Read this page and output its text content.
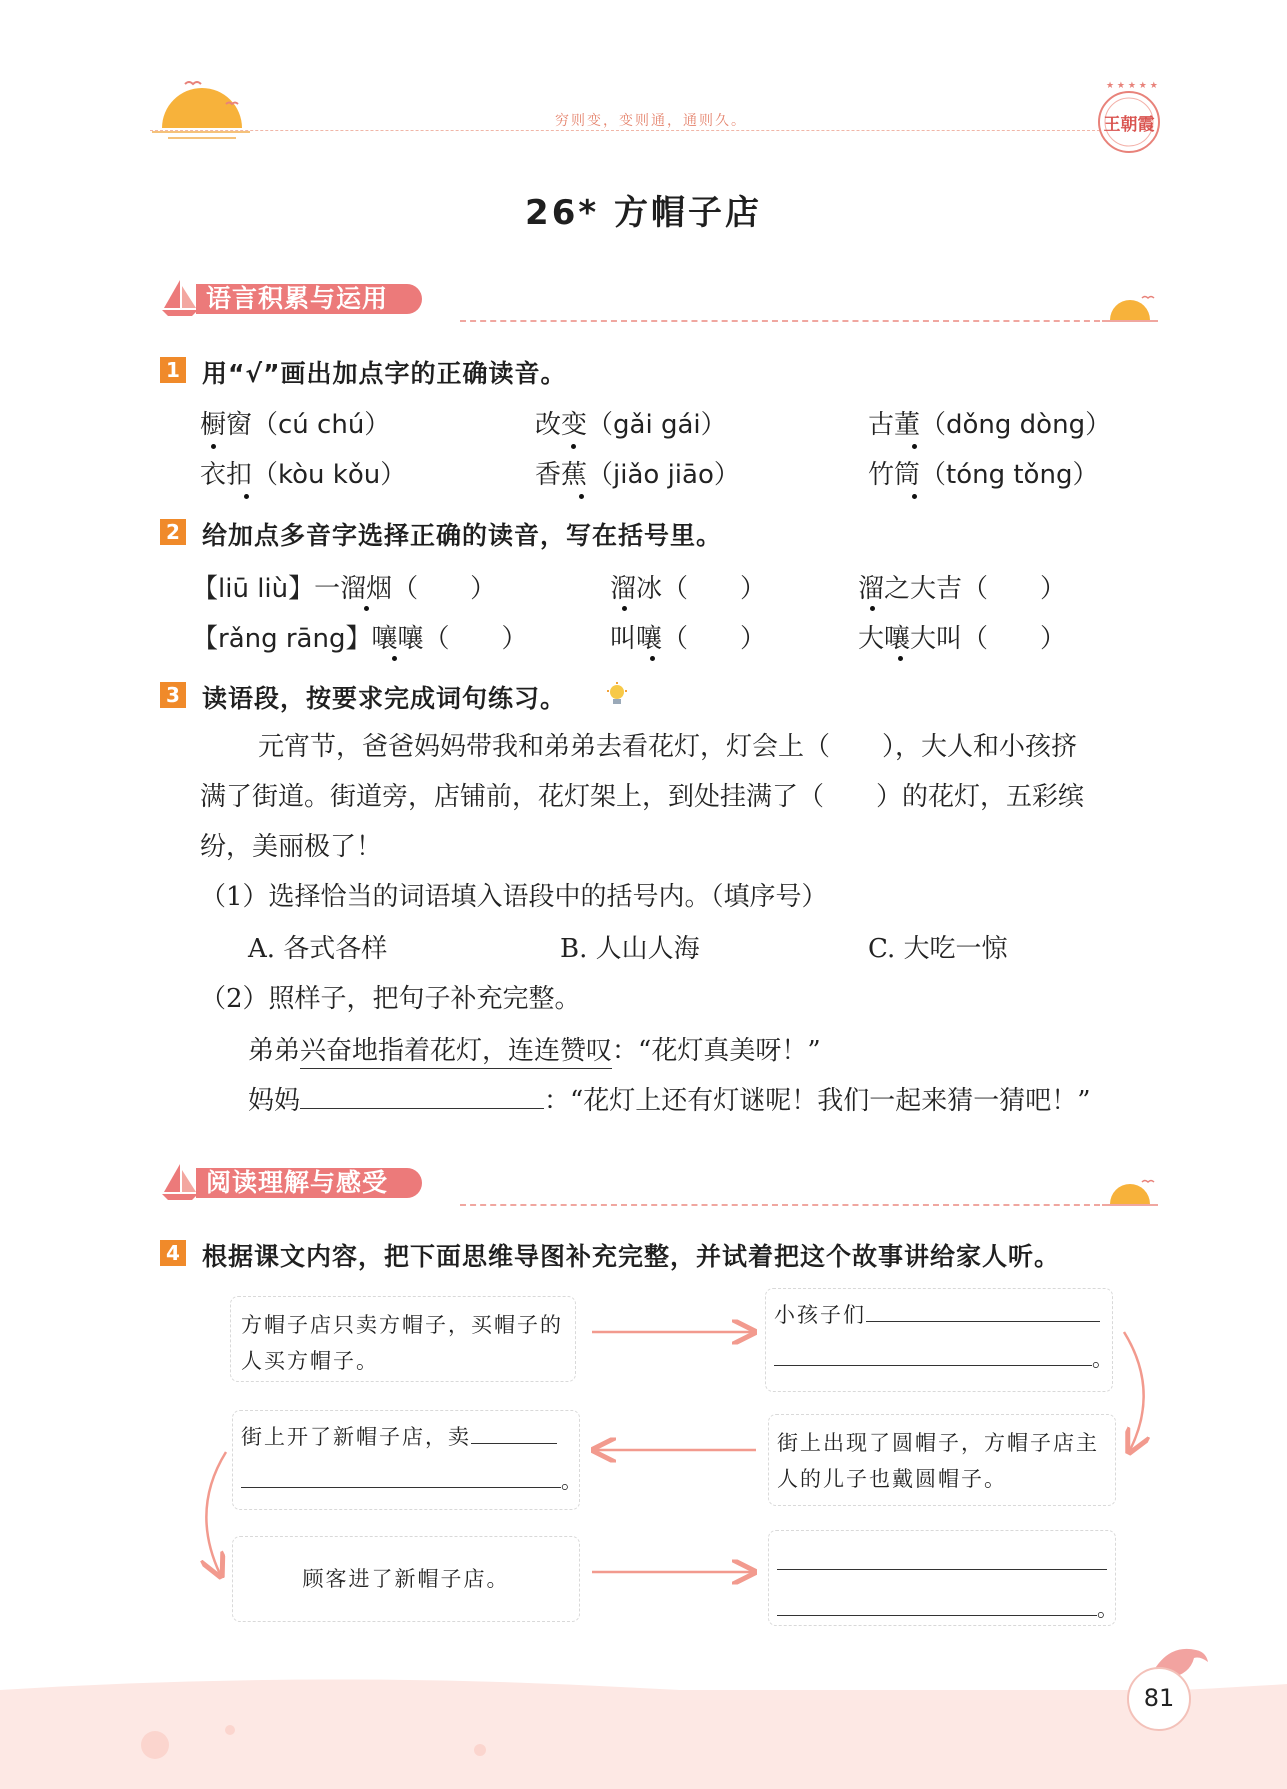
穷则变，变则通，通则久。
★ ★ ★ ★ ★
王朝霞
26* 方帽子店
语言积累与运用
1 用“√”画出加点字的正确读音。
橱窗（cú chú）	改变（gǎi gái）	古董（dǒng dòng）
衣扣（kòu kǒu）	香蕉（jiǎo jiāo）	竹筒（tóng tǒng）
2 给加点多音字选择正确的读音，写在括号里。
【liū liù】一溜烟（　　）	溜冰（　　）	溜之大吉（　　）
【rǎng rāng】嚷嚷（　　）	叫嚷（　　）	大嚷大叫（　　）
3 读语段，按要求完成词句练习。
元宵节，爸爸妈妈带我和弟弟去看花灯，灯会上（　　），大人和小孩挤
满了街道。街道旁，店铺前，花灯架上，到处挂满了（　　）的花灯，五彩缤
纷，美丽极了！
（1）选择恰当的词语填入语段中的括号内。（填序号）
A. 各式各样	B. 人山人海	C. 大吃一惊
（2）照样子，把句子补充完整。
弟弟兴奋地指着花灯，连连赞叹：“花灯真美呀！”
妈妈	：“花灯上还有灯谜呢！我们一起来猜一猜吧！”
阅读理解与感受
4 根据课文内容，把下面思维导图补充完整，并试着把这个故事讲给家人听。
方帽子店只卖方帽子，买帽子的人买方帽子。
小孩子们
。
街上出现了圆帽子，方帽子店主人的儿子也戴圆帽子。
街上开了新帽子店，卖
。
顾客进了新帽子店。
。
81
